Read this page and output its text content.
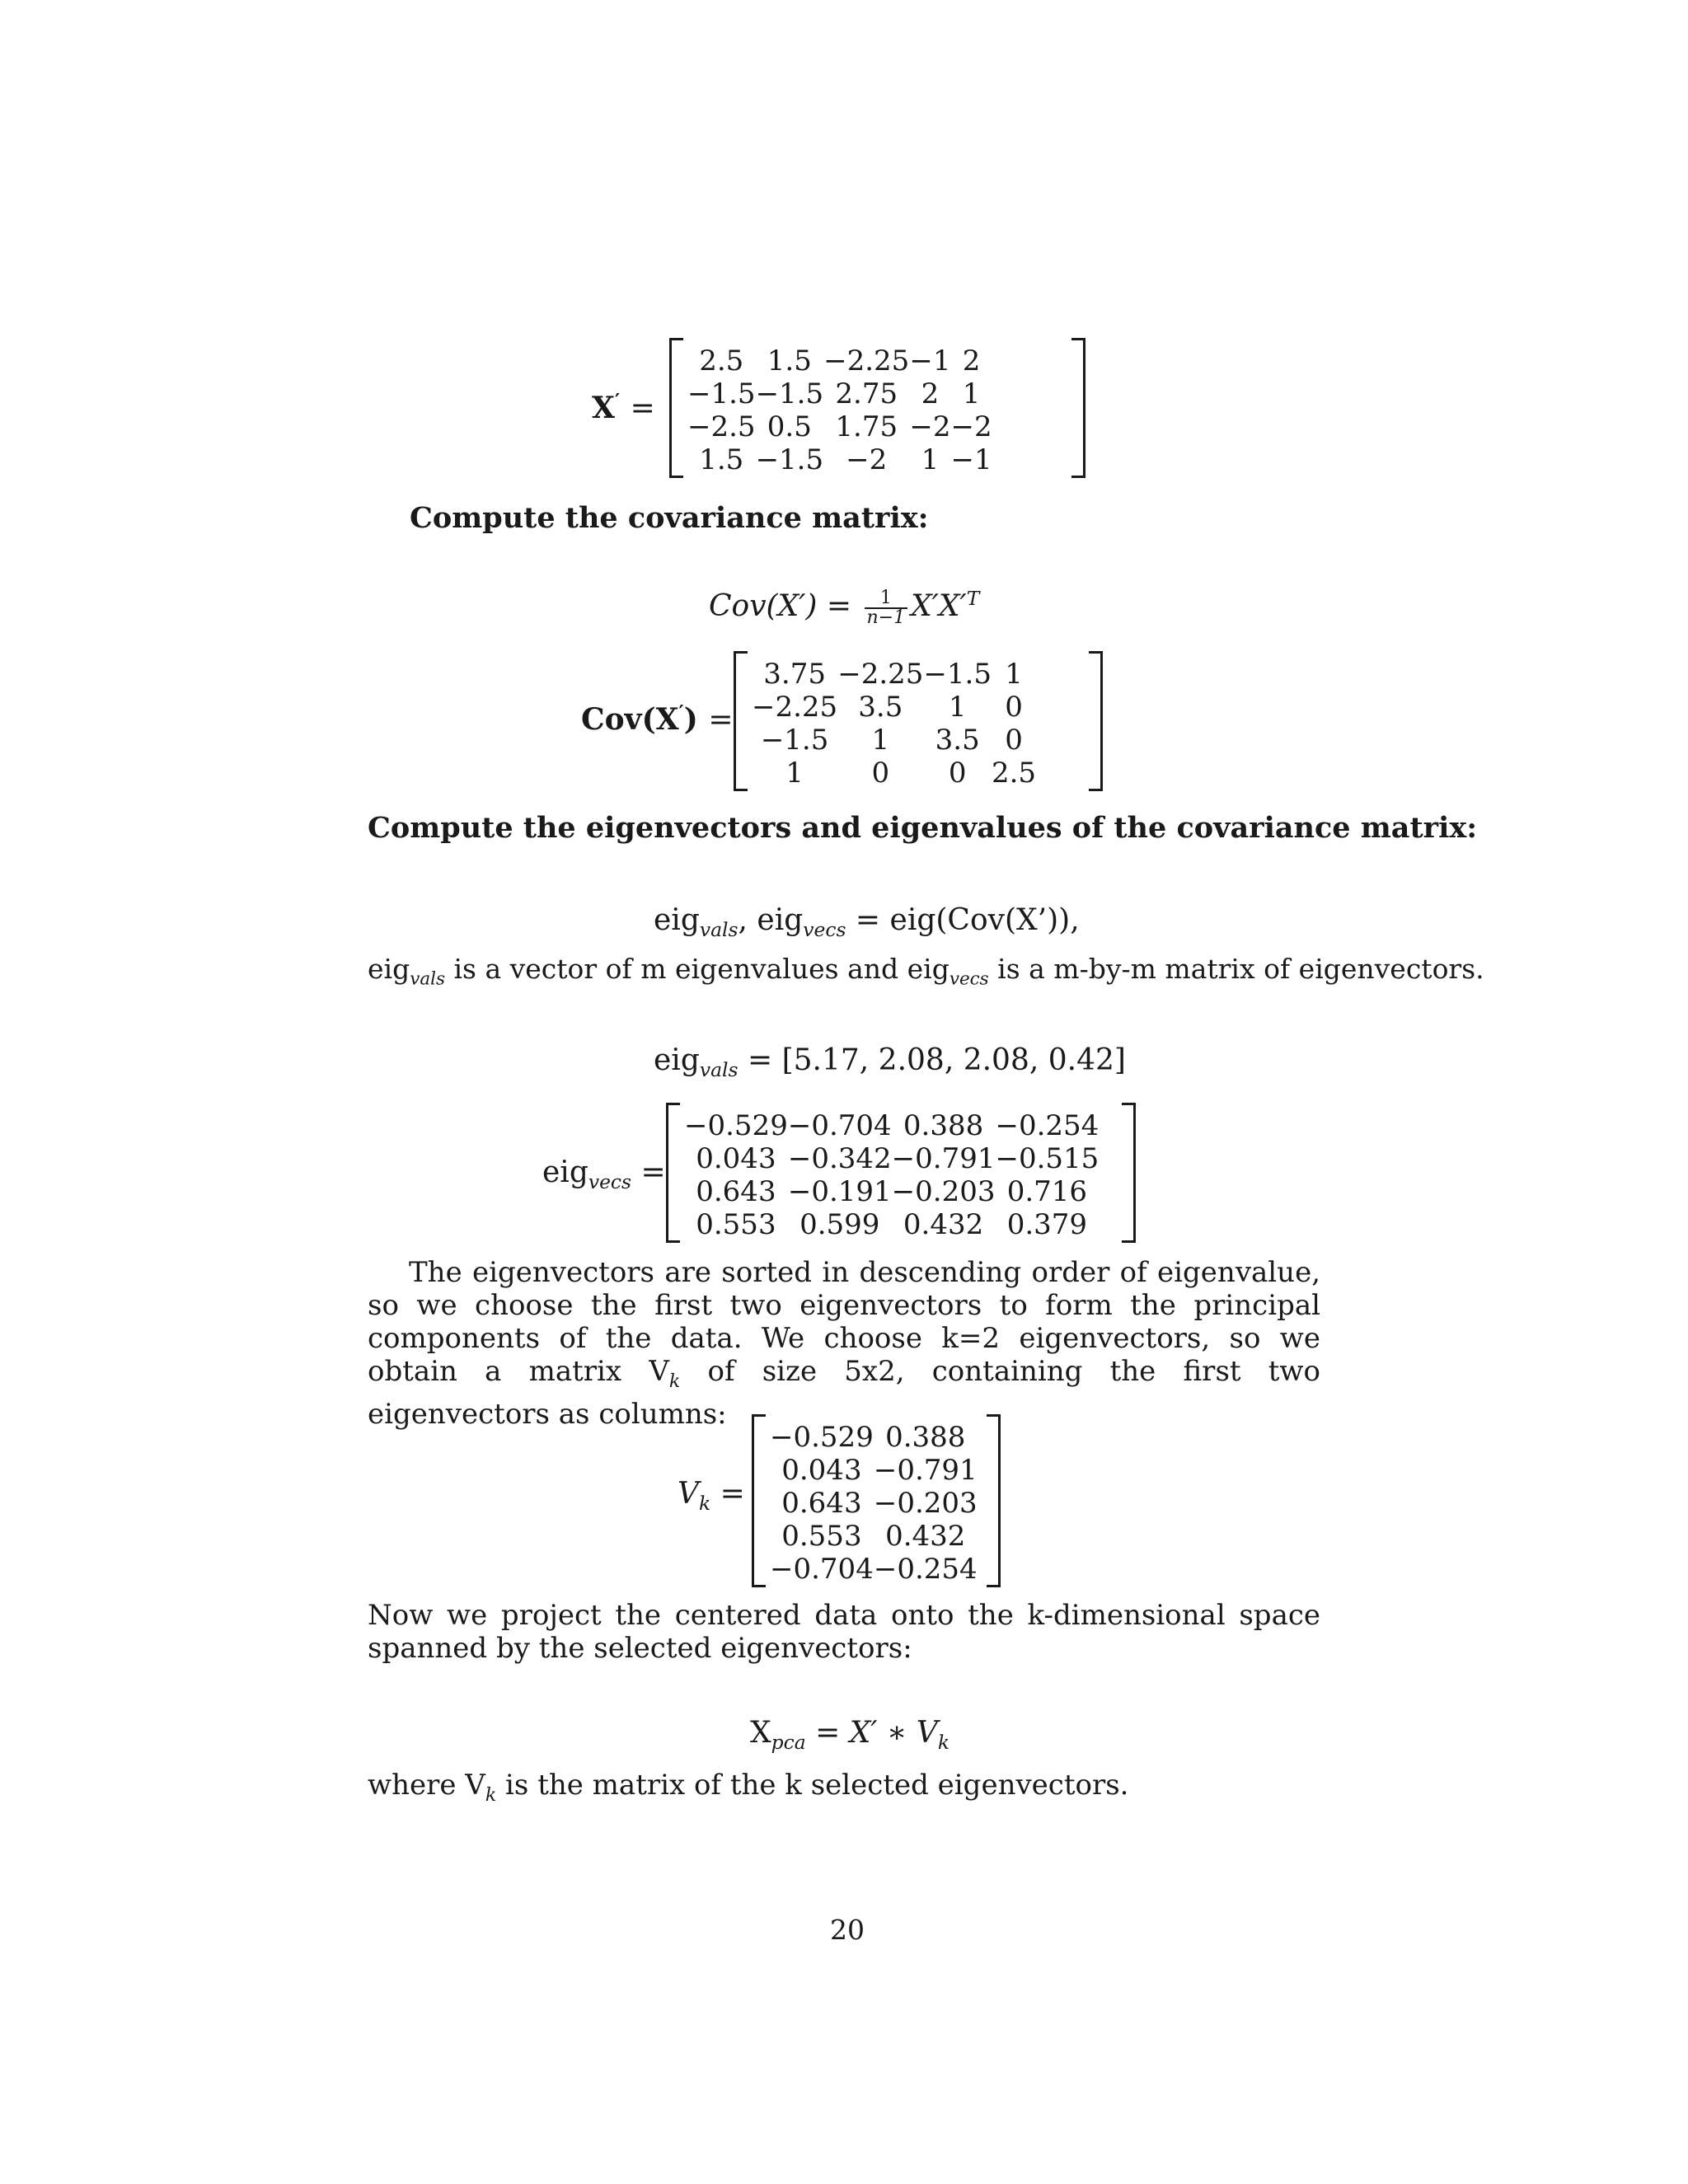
X′ =
2.5	1.5	−2.25	−1	2
−1.5	−1.5	2.75	2	1
−2.5	0.5	1.75	−2	−2
1.5	−1.5	−2	1	−1
Compute the covariance matrix:
$Cov(X') = \frac{1}{n-1} X'X'^T$
Cov(X′) =
3.75	−2.25	−1.5	1
−2.25	3.5	1	0
−1.5	1	3.5	0
1	0	0	2.5
Compute the eigenvectors and eigenvalues of the covariance matrix:
eig$_{vals}$, eig$_{vecs}$ = eig(Cov(X’)),
eig$_{vals}$ is a vector of m eigenvalues and eig$_{vecs}$ is a m-by-m matrix of eigenvectors.
eig$_{vals}$ = [5.17, 2.08, 2.08, 0.42]
eig$_{vecs}$ =
−0.529	−0.704	0.388	−0.254
0.043	−0.342	−0.791	−0.515
0.643	−0.191	−0.203	0.716
0.553	0.599	0.432	0.379
The eigenvectors are sorted in descending order of eigenvalue, so we choose the first two eigenvectors to form the principal components of the data. We choose k=2 eigenvectors, so we obtain a matrix $V_k$ of size 5x2, containing the first two eigenvectors as columns:
$V_k$ =
−0.529	0.388
0.043	−0.791
0.643	−0.203
0.553	0.432
−0.704	−0.254
Now we project the centered data onto the k-dimensional space spanned by the selected eigenvectors:
$X_{pca} = X'$ ∗ $V_k$
where $V_k$ is the matrix of the k selected eigenvectors.
20
